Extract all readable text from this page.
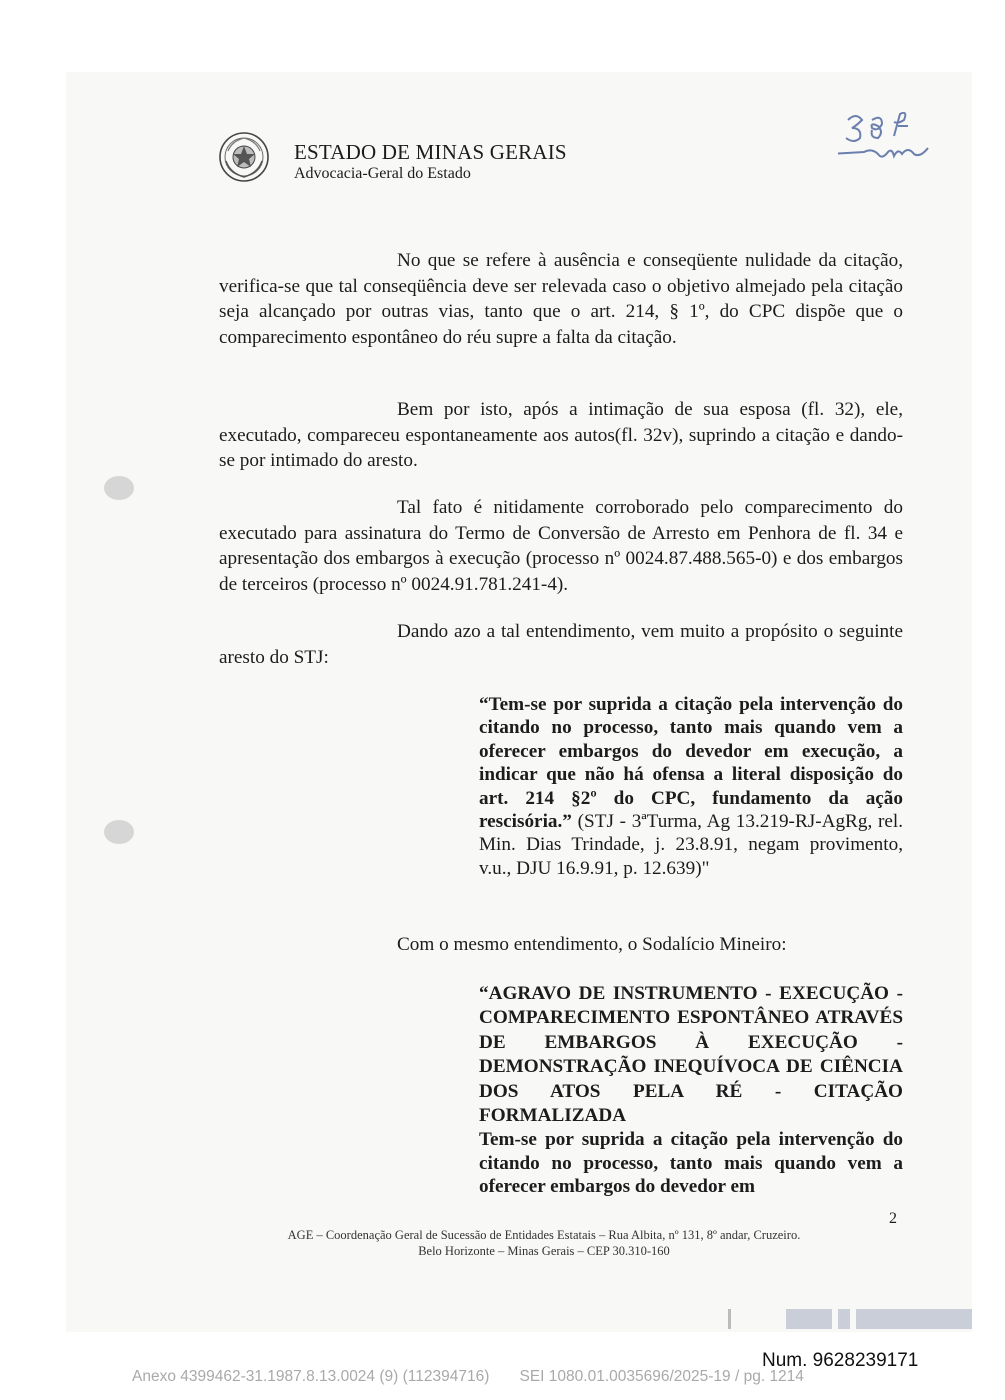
ESTADO DE MINAS GERAIS
Advocacia-Geral do Estado

No que se refere à ausência e conseqüente nulidade da citação, verifica-se que tal conseqüência deve ser relevada caso o objetivo almejado pela citação seja alcançado por outras vias, tanto que o art. 214, § 1º, do CPC dispõe que o comparecimento espontâneo do réu supre a falta da citação.

Bem por isto, após a intimação de sua esposa (fl. 32), ele, executado, compareceu espontaneamente aos autos(fl. 32v), suprindo a citação e dando-se por intimado do aresto.

Tal fato é nitidamente corroborado pelo comparecimento do executado para assinatura do Termo de Conversão de Arresto em Penhora de fl. 34 e apresentação dos embargos à execução (processo nº 0024.87.488.565-0) e dos embargos de terceiros (processo nº 0024.91.781.241-4).

Dando azo a tal entendimento, vem muito a propósito o seguinte aresto do STJ:

“Tem-se por suprida a citação pela intervenção do citando no processo, tanto mais quando vem a oferecer embargos do devedor em execução, a indicar que não há ofensa a literal disposição do art. 214 §2º do CPC, fundamento da ação rescisória.” (STJ - 3ªTurma, Ag 13.219-RJ-AgRg, rel. Min. Dias Trindade, j. 23.8.91, negam provimento, v.u., DJU 16.9.91, p. 12.639)"

Com o mesmo entendimento, o Sodalício Mineiro:

“AGRAVO DE INSTRUMENTO - EXECUÇÃO - COMPARECIMENTO ESPONTÂNEO ATRAVÉS DE EMBARGOS À EXECUÇÃO - DEMONSTRAÇÃO INEQUÍVOCA DE CIÊNCIA DOS ATOS PELA RÉ - CITAÇÃO FORMALIZADA
Tem-se por suprida a citação pela intervenção do citando no processo, tanto mais quando vem a oferecer embargos do devedor em
2
AGE – Coordenação Geral de Sucessão de Entidades Estatais – Rua Albita, nº 131, 8º andar, Cruzeiro.
Belo Horizonte – Minas Gerais – CEP 30.310-160
Num. 9628239171
Anexo 4399462-31.1987.8.13.0024 (9) (112394716)       SEI 1080.01.0035696/2025-19 / pg. 1214
